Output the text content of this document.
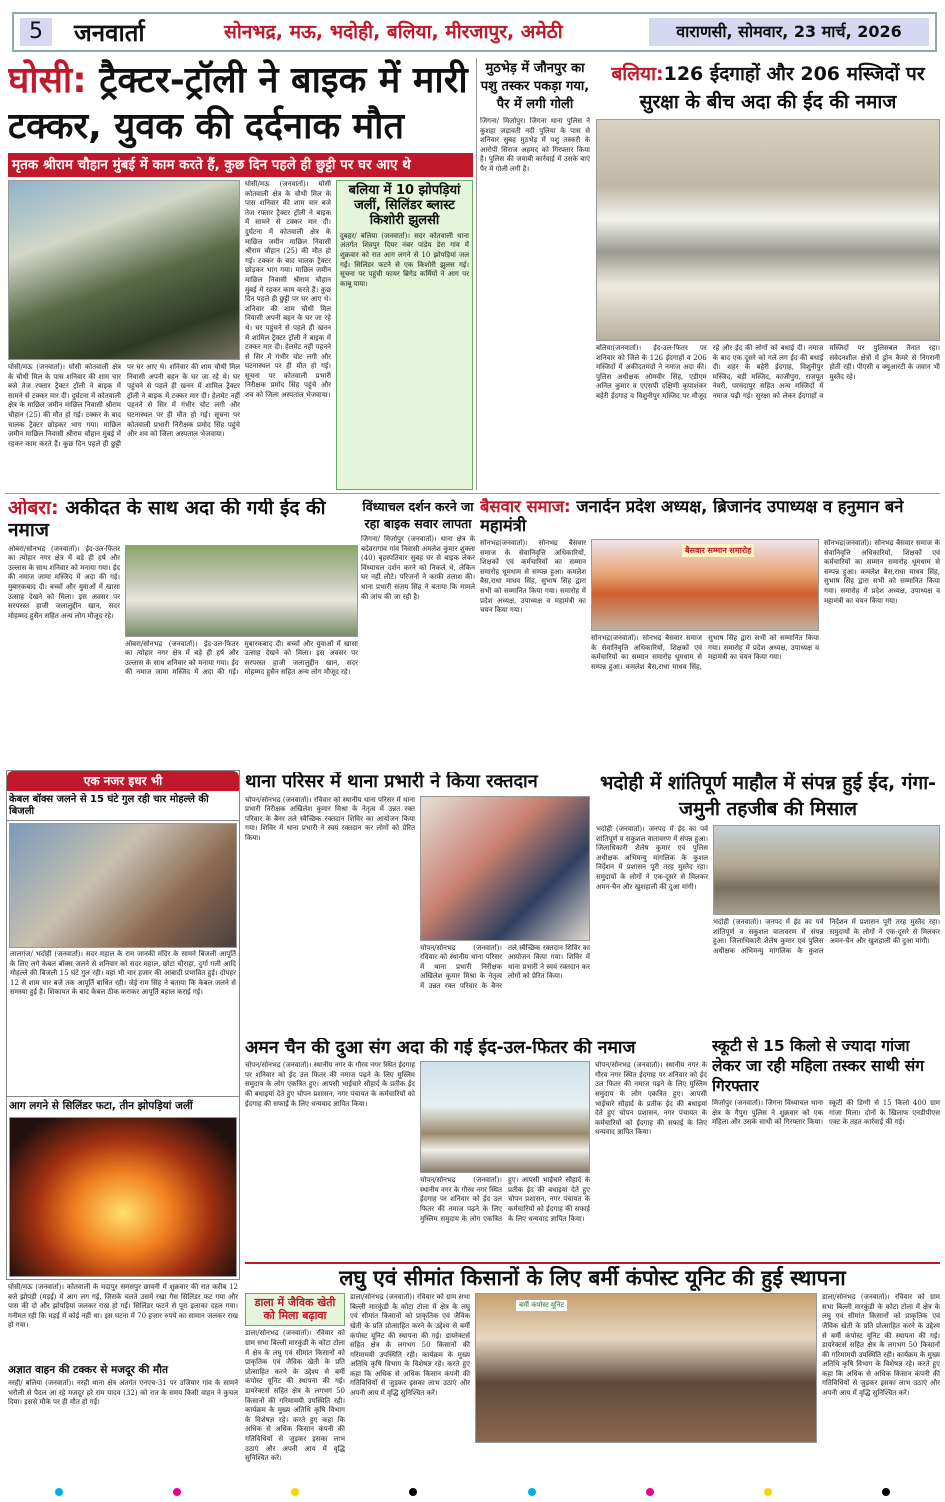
5	जनवार्ता	सोनभद्र, मऊ, भदोही, बलिया, मीरजापुर, अमेठी	वाराणसी, सोमवार, 23 मार्च, 2026
घोसी: ट्रैक्टर-ट्रॉली ने बाइक में मारी टक्कर, युवक की दर्दनाक मौत
मृतक श्रीराम चौहान मुंबई में काम करते हैं, कुछ दिन पहले ही छुट्टी पर घर आए थे
घोसी/मऊ (जनवार्ता)। घोसी कोतवाली क्षेत्र के चौथी मिल के पास शनिवार की शाम चार बजे तेज रफ्तार ट्रैक्टर ट्रॉली ने बाइक में सामने से टक्कर मार दी। दुर्घटना में कोतवाली क्षेत्र के माछिल जमीन माछिल निवासी श्रीराम चौहान (25) की मौत हो गई। टक्कर के बाद चालक ट्रैक्टर छोड़कर भाग गया। माछिल जमीन माछिल निवासी श्रीराम चौहान मुंबई में रहकर काम करते हैं। कुछ दिन पहले ही छुट्टी पर घर आए थे। शनिवार की शाम चौथी मिल निवासी अपनी बहन के घर जा रहे थे। घर पहुंचने से पहले ही खनन में शामिल ट्रैक्टर ट्रॉली ने बाइक में टक्कर मार दी। हेलमेट नहीं पहनने से सिर में गंभीर चोट लगी और घटनास्थल पर ही मौत हो गई। सूचना पर कोतवाली प्रभारी निरीक्षक प्रमोद सिंह पहुंचे और शव को जिला अस्पताल भेजवाया।
घोसी/मऊ (जनवार्ता)। घोसी कोतवाली क्षेत्र के चौथी मिल के पास शनिवार की शाम चार बजे तेज रफ्तार ट्रैक्टर ट्रॉली ने बाइक में सामने से टक्कर मार दी। दुर्घटना में कोतवाली क्षेत्र के माछिल जमीन माछिल निवासी श्रीराम चौहान (25) की मौत हो गई। टक्कर के बाद चालक ट्रैक्टर छोड़कर भाग गया। माछिल जमीन माछिल निवासी श्रीराम चौहान मुंबई में रहकर काम करते हैं। कुछ दिन पहले ही छुट्टी पर घर आए थे। शनिवार की शाम चौथी मिल निवासी अपनी बहन के घर जा रहे थे। घर पहुंचने से पहले ही खनन में शामिल ट्रैक्टर ट्रॉली ने बाइक में टक्कर मार दी। हेलमेट नहीं पहनने से सिर में गंभीर चोट लगी और घटनास्थल पर ही मौत हो गई। सूचना पर कोतवाली प्रभारी निरीक्षक प्रमोद सिंह पहुंचे और शव को जिला अस्पताल भेजवाया।
बलिया में 10 झोपड़ियां जलीं, सिलिंडर ब्लास्ट किशोरी झुलसी
दुबहर/ बलिया (जनवार्ता)। सदर कोतवाली थाना अंतर्गत शिवपुर दियर नंबर पांडेय डेरा गांव में शुक्रवार को रात आग लगने से 10 झोपड़ियां जल गईं। सिलिंडर फटने से एक किशोरी झुलस गई। सूचना पर पहुंची फायर ब्रिगेड कर्मियों ने आग पर काबू पाया।
मुठभेड़ में जौनपुर का पशु तस्कर पकड़ा गया, पैर में लगी गोली
जिगना/ मिर्जापुर। जिगना थाना पुलिस ने कुशहा जड़ावती नदी पुलिया के पास से शनिवार सुबह मुठभेड़ में पशु तस्करी के आरोपी सिराज अहमद को गिरफ्तार किया है। पुलिस की जवाबी कार्रवाई में उसके बाएं पैर में गोली लगी है।
बलिया:126 ईदगाहों और 206 मस्जिदों पर सुरक्षा के बीच अदा की ईद की नमाज
बलिया(जनवार्ता)। ईद-उल-फितर पर शनिवार को जिले के 126 ईदगाहों व 206 मस्जिदों में अकीदतमंदों ने नमाज अदा की। पुलिस अधीक्षक ओमवीर सिंह, एडीएम अनिल कुमार व एएसपी दक्षिणी कृपाशंकर बहेरी ईदगाह व विशुनीपुर मस्जिद पर मौजूद रहे और ईद की लोगों को बधाई दी। नमाज के बाद एक दूसरे को गले लग ईद की बधाई दी। शहर के बहेरी ईदगाह, विशुनीपुर मस्जिद, बड़ी मस्जिद, काजीपुरा, राजपूत नेवरी, परमंदापुर सहित अन्य मस्जिदों में नमाज पढ़ी गई। सुरक्षा को लेकर ईदगाहों व मस्जिदों पर पुलिसबल तैनात रहा। संवेदनशील क्षेत्रों में ड्रोन कैमरे से निगरानी होती रही। पीएसी व क्यूआरटी के जवान भी मुस्तैद रहे।
ओबरा: अकीदत के साथ अदा की गयी ईद की नमाज
ओबरा/सोनभद्र (जनवार्ता)। ईद-उल-फितर का त्योहार नगर क्षेत्र में बड़े ही हर्ष और उल्लास के साथ शनिवार को मनाया गया। ईद की नमाज जामा मस्जिद में अदा की गई। मुबारकबाद दी। बच्चों और युवाओं में खासा उत्साह देखने को मिला। इस अवसर पर सरपरस्त हाजी जलालुद्दीन खान, सदर मोहम्मद हुसैन सहित अन्य लोग मौजूद रहे।
ओबरा/सोनभद्र (जनवार्ता)। ईद-उल-फितर का त्योहार नगर क्षेत्र में बड़े ही हर्ष और उल्लास के साथ शनिवार को मनाया गया। ईद की नमाज जामा मस्जिद में अदा की गई। मुबारकबाद दी। बच्चों और युवाओं में खासा उत्साह देखने को मिला। इस अवसर पर सरपरस्त हाजी जलालुद्दीन खान, सदर मोहम्मद हुसैन सहित अन्य लोग मौजूद रहे।
विंध्याचल दर्शन करने जा रहा बाइक सवार लापता
जिगना/ मिर्जापुर (जनवार्ता)। थाना क्षेत्र के बदेवरागांव गांव निवासी अमलेश कुमार शुक्ला (40) बृहस्पतिवार सुबह घर से बाइक लेकर विंध्याचल दर्शन करने को निकले थे, लेकिन घर नहीं लौटे। परिजनों ने काफी तलाश की। थाना प्रभारी संजय सिंह ने बताया कि मामले की जांच की जा रही है।
बैसवार समाज: जनार्दन प्रदेश अध्यक्ष, ब्रिजानंद उपाध्यक्ष व हनुमान बने महामंत्री
सोनभद्र(जनवार्ता)। सोनभद्र बैसवार समाज के सेवानिवृत्ति अधिकारियों, शिक्षकों एवं कर्मचारियों का सम्मान समारोह धूमधाम से सम्पन्न हुआ। कमलेश बैस,राधा माधव सिंह, सुभाष सिंह द्वारा सभी को सम्मानित किया गया। समारोह में प्रदेश अध्यक्ष, उपाध्यक्ष व महामंत्री का चयन किया गया।
बैसवार सम्मान समारोह
सोनभद्र(जनवार्ता)। सोनभद्र बैसवार समाज के सेवानिवृत्ति अधिकारियों, शिक्षकों एवं कर्मचारियों का सम्मान समारोह धूमधाम से सम्पन्न हुआ। कमलेश बैस,राधा माधव सिंह, सुभाष सिंह द्वारा सभी को सम्मानित किया गया। समारोह में प्रदेश अध्यक्ष, उपाध्यक्ष व महामंत्री का चयन किया गया।
सोनभद्र(जनवार्ता)। सोनभद्र बैसवार समाज के सेवानिवृत्ति अधिकारियों, शिक्षकों एवं कर्मचारियों का सम्मान समारोह धूमधाम से सम्पन्न हुआ। कमलेश बैस,राधा माधव सिंह, सुभाष सिंह द्वारा सभी को सम्मानित किया गया। समारोह में प्रदेश अध्यक्ष, उपाध्यक्ष व महामंत्री का चयन किया गया।
एक नजर इधर भी
केबल बॉक्स जलने से 15 घंटे गुल रही चार मोहल्ले की बिजली
लालगंज/ भदोही (जनवार्ता)। सदर महाल के राम जानकी मंदिर के सामने बिजली आपूर्ति के लिए लगे केबल बॉक्स जलने से शनिवार को सदर महाल, छोटा चौराहा, दुर्गा गली आदि मोहल्ले की बिजली 15 घंटे गुल रही। वहां भी चार हजार की आबादी प्रभावित हुई। दोपहर 12 से शाम चार बजे तक आपूर्ति बाधित रही। जेई राम सिंह ने बताया कि केबल जलने से समस्या हुई है। शिकायत के बाद केबल ठीक कराकर आपूर्ति बहाल कराई गई।
आग लगने से सिलिंडर फटा, तीन झोपड़ियां जलीं
घोसी/मऊ (जनवार्ता)। कोतवाली के मदापुर समसपुर छावनी में शुक्रवार की रात करीब 12 बजे झोपड़ी (मड़ई) में आग लग गई, जिसके चलते उसमें रखा गैस सिलिंडर फट गया और पास की दो और झोपड़ियां जलकर राख हो गईं। सिलिंडर फटने से पूरा इलाका दहल गया। गनीमत रही कि मड़ई में कोई नहीं था। इस घटना में 70 हजार रुपये का सामान जलकर राख हो गया।
अज्ञात वाहन की टक्कर से मजदूर की मौत
नरही/ बलिया (जनवार्ता)। नरही थाना क्षेत्र अंतर्गत एनएच-31 पर उजियार गांव के सामने भरौली से पैदल आ रहे मजदूर हरे राम यादव (32) को रात के समय किसी वाहन ने कुचल दिया। इससे मौके पर ही मौत हो गई।
थाना परिसर में थाना प्रभारी ने किया रक्तदान
चोपन/सोनभद्र (जनवार्ता)। रविवार को स्थानीय थाना परिसर में थाना प्रभारी निरीक्षक अखिलेश कुमार मिश्रा के नेतृत्व में उन्नत रक्त परिवार के बैनर तले स्वैच्छिक रक्तदान शिविर का आयोजन किया गया। शिविर में थाना प्रभारी ने स्वयं रक्तदान कर लोगों को प्रेरित किया।
चोपन/सोनभद्र (जनवार्ता)। रविवार को स्थानीय थाना परिसर में थाना प्रभारी निरीक्षक अखिलेश कुमार मिश्रा के नेतृत्व में उन्नत रक्त परिवार के बैनर तले स्वैच्छिक रक्तदान शिविर का आयोजन किया गया। शिविर में थाना प्रभारी ने स्वयं रक्तदान कर लोगों को प्रेरित किया।
भदोही में शांतिपूर्ण माहौल में संपन्न हुई ईद, गंगा-जमुनी तहजीब की मिसाल
भदोही (जनवार्ता)। जनपद में ईद का पर्व शांतिपूर्ण व सकुशल वातावरण में संपन्न हुआ। जिलाधिकारी शैलेष कुमार एवं पुलिस अधीक्षक अभिमन्यु मांगलिक के कुशल निर्देशन में प्रशासन पूरी तरह मुस्तैद रहा। समुदायों के लोगों ने एक-दूसरे से मिलकर अमन-चैन और खुशहाली की दुआ मांगी।
भदोही (जनवार्ता)। जनपद में ईद का पर्व शांतिपूर्ण व सकुशल वातावरण में संपन्न हुआ। जिलाधिकारी शैलेष कुमार एवं पुलिस अधीक्षक अभिमन्यु मांगलिक के कुशल निर्देशन में प्रशासन पूरी तरह मुस्तैद रहा। समुदायों के लोगों ने एक-दूसरे से मिलकर अमन-चैन और खुशहाली की दुआ मांगी।
अमन चैन की दुआ संग अदा की गई ईद-उल-फितर की नमाज
चोपन/सोनभद्र (जनवार्ता)। स्थानीय नगर के गौरव नगर स्थित ईदगाह पर शनिवार को ईद उल फितर की नमाज पढ़ने के लिए मुस्लिम समुदाय के लोग एकत्रित हुए। आपसी भाईचारे सौहार्द के प्रतीक ईद की बधाइयां देते हुए चोपन प्रशासन, नगर पंचायत के कर्मचारियों को ईदगाह की सफाई के लिए धन्यवाद ज्ञापित किया।
चोपन/सोनभद्र (जनवार्ता)। स्थानीय नगर के गौरव नगर स्थित ईदगाह पर शनिवार को ईद उल फितर की नमाज पढ़ने के लिए मुस्लिम समुदाय के लोग एकत्रित हुए। आपसी भाईचारे सौहार्द के प्रतीक ईद की बधाइयां देते हुए चोपन प्रशासन, नगर पंचायत के कर्मचारियों को ईदगाह की सफाई के लिए धन्यवाद ज्ञापित किया।
चोपन/सोनभद्र (जनवार्ता)। स्थानीय नगर के गौरव नगर स्थित ईदगाह पर शनिवार को ईद उल फितर की नमाज पढ़ने के लिए मुस्लिम समुदाय के लोग एकत्रित हुए। आपसी भाईचारे सौहार्द के प्रतीक ईद की बधाइयां देते हुए चोपन प्रशासन, नगर पंचायत के कर्मचारियों को ईदगाह की सफाई के लिए धन्यवाद ज्ञापित किया।
स्कूटी से 15 किलो से ज्यादा गांजा लेकर जा रही महिला तस्कर साथी संग गिरफ्तार
मिर्जापुर (जनवार्ता)। जिगना विंध्याचल थाना क्षेत्र के गैपुरा पुलिस ने शुक्रवार को एक महिला और उसके साथी को गिरफ्तार किया। स्कूटी की डिग्गी से 15 किलो 400 ग्राम गांजा मिला। दोनों के खिलाफ एनडीपीएस एक्ट के तहत कार्रवाई की गई।
लघु एवं सीमांत किसानों के लिए बर्मी कंपोस्ट यूनिट की हुई स्थापना
डाला में जैविक खेती को मिला बढ़ावा
डाला/सोनभद्र (जनवार्ता)। रविवार को ग्राम सभा बिल्ली मारकुंडी के कोटा टोला में क्षेत्र के लघु एवं सीमांत किसानों को प्राकृतिक एवं जैविक खेती के प्रति प्रोत्साहित करने के उद्देश्य से बर्मी कंपोस्ट यूनिट की स्थापना की गई। डायरेक्टर्स सहित क्षेत्र के लगभग 50 किसानों की गरिमामयी उपस्थिति रही। कार्यक्रम के मुख्य अतिथि कृषि विभाग के विशेषज्ञ रहे। करते हुए कहा कि अधिक से अधिक किसान कंपनी की गतिविधियों से जुड़कर इसका लाभ उठाएं और अपनी आय में वृद्धि सुनिश्चित करें।
डाला/सोनभद्र (जनवार्ता)। रविवार को ग्राम सभा बिल्ली मारकुंडी के कोटा टोला में क्षेत्र के लघु एवं सीमांत किसानों को प्राकृतिक एवं जैविक खेती के प्रति प्रोत्साहित करने के उद्देश्य से बर्मी कंपोस्ट यूनिट की स्थापना की गई। डायरेक्टर्स सहित क्षेत्र के लगभग 50 किसानों की गरिमामयी उपस्थिति रही। कार्यक्रम के मुख्य अतिथि कृषि विभाग के विशेषज्ञ रहे। करते हुए कहा कि अधिक से अधिक किसान कंपनी की गतिविधियों से जुड़कर इसका लाभ उठाएं और अपनी आय में वृद्धि सुनिश्चित करें।
बर्मी कंपोस्ट यूनिट
डाला/सोनभद्र (जनवार्ता)। रविवार को ग्राम सभा बिल्ली मारकुंडी के कोटा टोला में क्षेत्र के लघु एवं सीमांत किसानों को प्राकृतिक एवं जैविक खेती के प्रति प्रोत्साहित करने के उद्देश्य से बर्मी कंपोस्ट यूनिट की स्थापना की गई। डायरेक्टर्स सहित क्षेत्र के लगभग 50 किसानों की गरिमामयी उपस्थिति रही। कार्यक्रम के मुख्य अतिथि कृषि विभाग के विशेषज्ञ रहे। करते हुए कहा कि अधिक से अधिक किसान कंपनी की गतिविधियों से जुड़कर इसका लाभ उठाएं और अपनी आय में वृद्धि सुनिश्चित करें।
